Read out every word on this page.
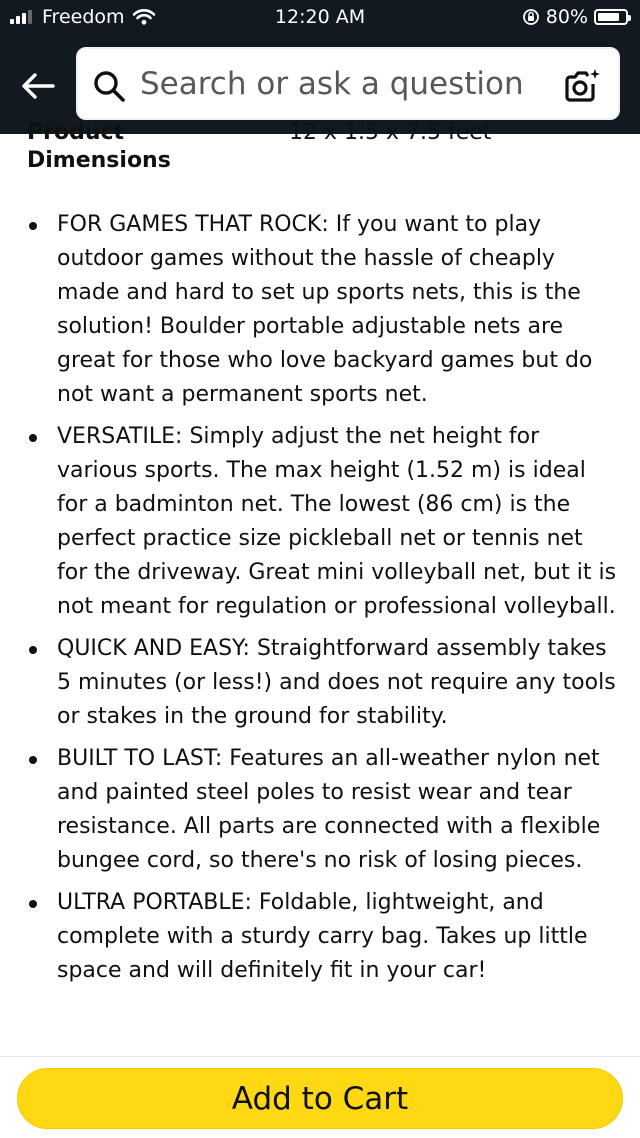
Freedom	12:20 AM	80%
Search or ask a question
Product	12 x 1.5 x 7.5 feet
Dimensions
FOR GAMES THAT ROCK: If you want to play outdoor games without the hassle of cheaply made and hard to set up sports nets, this is the solution! Boulder portable adjustable nets are great for those who love backyard games but do not want a permanent sports net.
VERSATILE: Simply adjust the net height for various sports. The max height (1.52 m) is ideal for a badminton net. The lowest (86 cm) is the perfect practice size pickleball net or tennis net for the driveway. Great mini volleyball net, but it is not meant for regulation or professional volleyball.
QUICK AND EASY: Straightforward assembly takes 5 minutes (or less!) and does not require any tools or stakes in the ground for stability.
BUILT TO LAST: Features an all-weather nylon net and painted steel poles to resist wear and tear resistance. All parts are connected with a flexible bungee cord, so there's no risk of losing pieces.
ULTRA PORTABLE: Foldable, lightweight, and complete with a sturdy carry bag. Takes up little space and will definitely fit in your car!
Add to Cart
